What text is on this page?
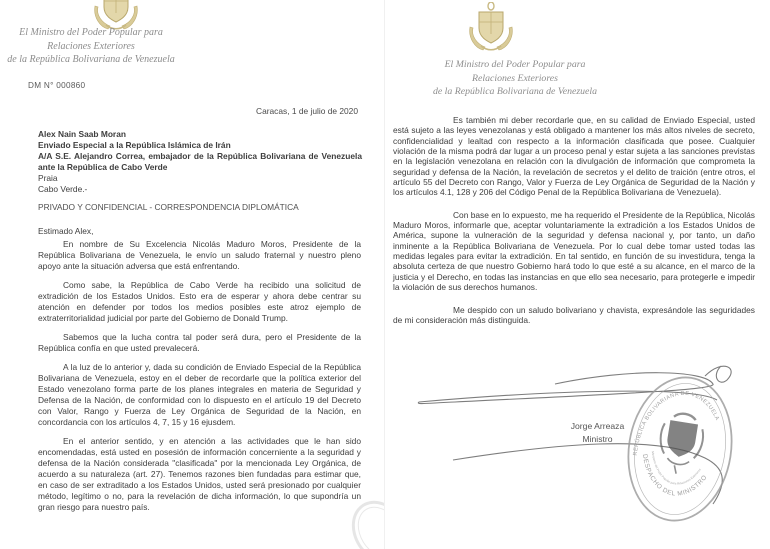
El Ministro del Poder Popular para
Relaciones Exteriores
de la República Bolivariana de Venezuela
DM N° 000860
Caracas, 1 de julio de 2020
Alex Nain Saab Moran
Enviado Especial a la República Islámica de Irán
A/A S.E. Alejandro Correa, embajador de la República Bolivariana de Venezuela ante la República de Cabo Verde
Praia
Cabo Verde.-
PRIVADO Y CONFIDENCIAL - CORRESPONDENCIA DIPLOMÁTICA
Estimado Alex,

En nombre de Su Excelencia Nicolás Maduro Moros, Presidente de la República Bolivariana de Venezuela, le envío un saludo fraternal y nuestro pleno apoyo ante la situación adversa que está enfrentando.

Como sabe, la República de Cabo Verde ha recibido una solicitud de extradición de los Estados Unidos. Esto era de esperar y ahora debe centrar su atención en defender por todos los medios posibles este atroz ejemplo de extraterritorialidad judicial por parte del Gobierno de Donald Trump.

Sabemos que la lucha contra tal poder será dura, pero el Presidente de la República confía en que usted prevalecerá.

A la luz de lo anterior y, dada su condición de Enviado Especial de la República Bolivariana de Venezuela, estoy en el deber de recordarle que la política exterior del Estado venezolano forma parte de los planes integrales en materia de Seguridad y Defensa de la Nación, de conformidad con lo dispuesto en el artículo 19 del Decreto con Valor, Rango y Fuerza de Ley Orgánica de Seguridad de la Nación, en concordancia con los artículos 4, 7, 15 y 16 ejusdem.

En el anterior sentido, y en atención a las actividades que le han sido encomendadas, está usted en posesión de información concerniente a la seguridad y defensa de la Nación considerada "clasificada" por la mencionada Ley Orgánica, de acuerdo a su naturaleza (art. 27). Tenemos razones bien fundadas para estimar que, en caso de ser extraditado a los Estados Unidos, usted será presionado por cualquier método, legítimo o no, para la revelación de dicha información, lo que supondría un gran riesgo para nuestro país.

El Ministro del Poder Popular para
Relaciones Exteriores
de la República Bolivariana de Venezuela

Es también mi deber recordarle que, en su calidad de Enviado Especial, usted está sujeto a las leyes venezolanas y está obligado a mantener los más altos niveles de secreto, confidencialidad y lealtad con respecto a la información clasificada que posee. Cualquier violación de la misma podrá dar lugar a un proceso penal y estar sujeta a las sanciones previstas en la legislación venezolana en relación con la divulgación de información que comprometa la seguridad y defensa de la Nación, la revelación de secretos y el delito de traición (entre otros, el artículo 55 del Decreto con Rango, Valor y Fuerza de Ley Orgánica de Seguridad de la Nación y los artículos 4.1, 128 y 206 del Código Penal de la República Bolivariana de Venezuela).

Con base en lo expuesto, me ha requerido el Presidente de la República, Nicolás Maduro Moros, informarle que, aceptar voluntariamente la extradición a los Estados Unidos de América, supone la vulneración de la seguridad y defensa nacional y, por tanto, un daño inminente a la República Bolivariana de Venezuela. Por lo cual debe tomar usted todas las medidas legales para evitar la extradición. En tal sentido, en función de su investidura, tenga la absoluta certeza de que nuestro Gobierno hará todo lo que esté a su alcance, en el marco de la justicia y el Derecho, en todas las instancias en que ello sea necesario, para protegerle e impedir la violación de sus derechos humanos.

Me despido con un saludo bolivariano y chavista, expresándole las seguridades de mi consideración más distinguida.

Jorge Arreaza
Ministro
REPÚBLICA BOLIVARIANA DE VENEZUELA
DESPACHO DEL MINISTRO
Ministerio del Poder Popular para Relaciones Exteriores
